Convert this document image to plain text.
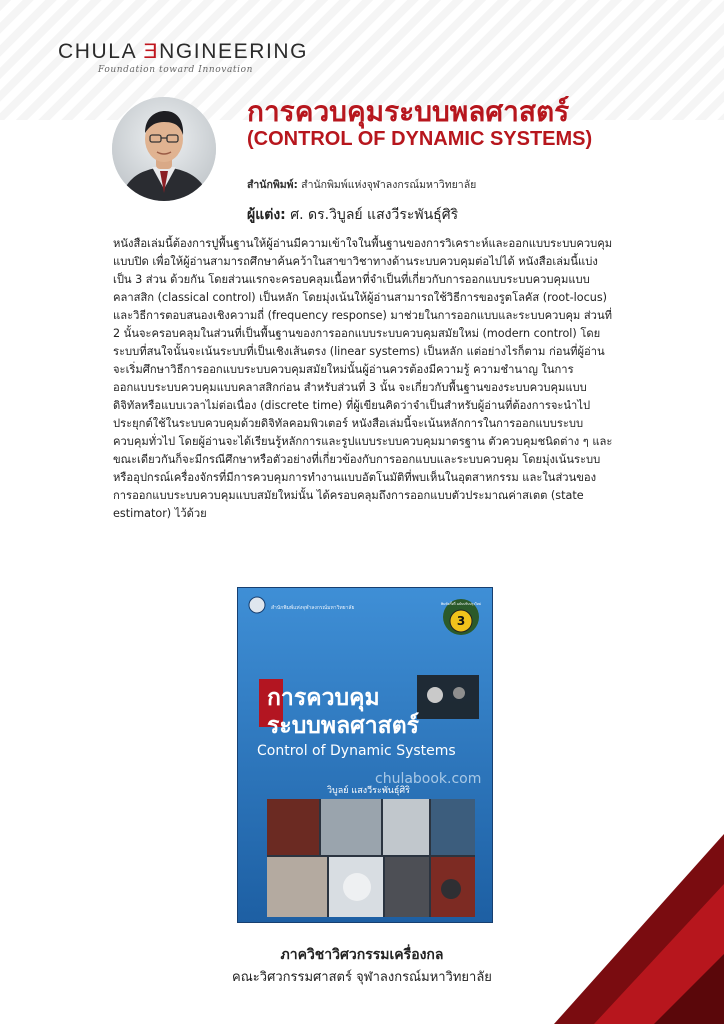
CHULA ƎNGINEERING
Foundation toward Innovation
การควบคุมระบบพลศาสตร์
(CONTROL OF DYNAMIC SYSTEMS)
สำนักพิมพ์: สำนักพิมพ์แห่งจุฬาลงกรณ์มหาวิทยาลัย
ผู้แต่ง: ศ. ดร.วิบูลย์ แสงวีระพันธุ์ศิริ

หนังสือเล่มนี้ต้องการปูพื้นฐานให้ผู้อ่านมีความเข้าใจในพื้นฐานของการวิเคราะห์และออกแบบระบบควบคุมแบบปิด เพื่อให้ผู้อ่านสามารถศึกษาค้นคว้าในสาขาวิชาทางด้านระบบควบคุมต่อไปได้ หนังสือเล่มนี้แบ่งเป็น 3 ส่วน ด้วยกัน โดยส่วนแรกจะครอบคลุมเนื้อหาที่จำเป็นที่เกี่ยวกับการออกแบบระบบควบคุมแบบคลาสสิก (classical control) เป็นหลัก โดยมุ่งเน้นให้ผู้อ่านสามารถใช้วิธีการของรูตโลคัส (root-locus) และวิธีการตอบสนองเชิงความถี่ (frequency response) มาช่วยในการออกแบบและระบบควบคุม ส่วนที่ 2 นั้นจะครอบคลุมในส่วนที่เป็นพื้นฐานของการออกแบบระบบควบคุมสมัยใหม่ (modern control) โดยระบบที่สนใจนั้นจะเน้นระบบที่เป็นเชิงเส้นตรง (linear systems) เป็นหลัก แต่อย่างไรก็ตาม ก่อนที่ผู้อ่านจะเริ่มศึกษาวิธีการออกแบบระบบควบคุมสมัยใหม่นั้นผู้อ่านควรต้องมีความรู้ ความชำนาญ ในการออกแบบระบบควบคุมแบบคลาสสิกก่อน สำหรับส่วนที่ 3 นั้น จะเกี่ยวกับพื้นฐานของระบบควบคุมแบบดิจิทัลหรือแบบเวลาไม่ต่อเนื่อง (discrete time) ที่ผู้เขียนคิดว่าจำเป็นสำหรับผู้อ่านที่ต้องการจะนำไปประยุกต์ใช้ในระบบควบคุมด้วยดิจิทัลคอมพิวเตอร์ หนังสือเล่มนี้จะเน้นหลักการในการออกแบบระบบควบคุมทั่วไป โดยผู้อ่านจะได้เรียนรู้หลักการและรูปแบบระบบควบคุมมาตรฐาน ตัวควบคุมชนิดต่าง ๆ และขณะเดียวกันก็จะมีกรณีศึกษาหรือตัวอย่างที่เกี่ยวข้องกับการออกแบบและระบบควบคุม โดยมุ่งเน้นระบบหรืออุปกรณ์เครื่องจักรที่มีการควบคุมการทำงานแบบอัตโนมัติที่พบเห็นในอุตสาหกรรม และในส่วนของการออกแบบระบบควบคุมแบบสมัยใหม่นั้น ได้ครอบคลุมถึงการออกแบบตัวประมาณค่าสเตต (state estimator) ไว้ด้วย

สำนักพิมพ์แห่งจุฬาลงกรณ์มหาวิทยาลัย
3
พิมพ์ครั้งที่ ฉบับปรับปรุงใหม่
การควบคุม
ระบบพลศาสตร์
Control of Dynamic Systems
chulabook.com
วิบูลย์ แสงวีระพันธุ์ศิริ
ภาควิชาวิศวกรรมเครื่องกล
คณะวิศวกรรมศาสตร์ จุฬาลงกรณ์มหาวิทยาลัย
